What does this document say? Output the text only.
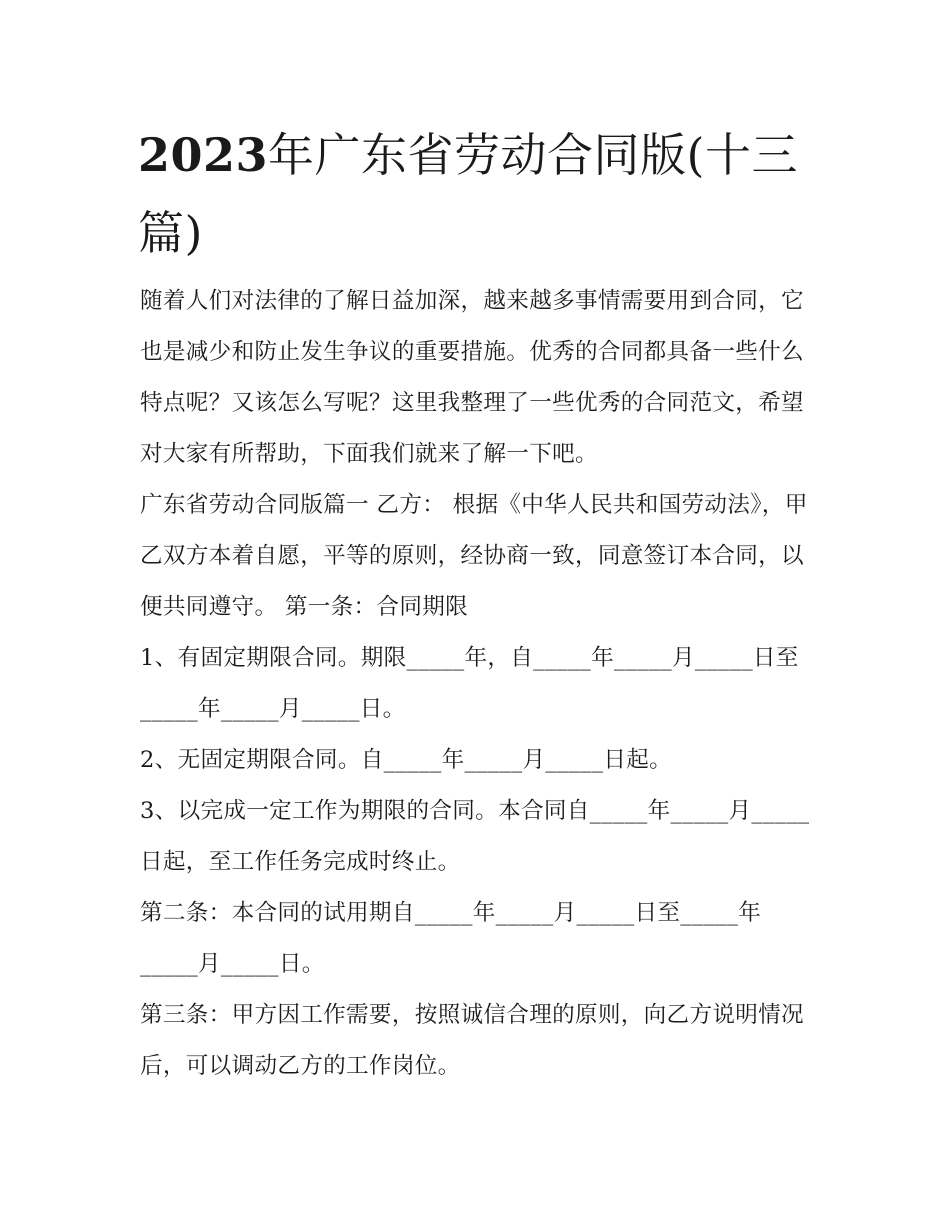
2023年广东省劳动合同版(十三篇)

随着人们对法律的了解日益加深，越来越多事情需要用到合同，它也是减少和防止发生争议的重要措施。优秀的合同都具备一些什么特点呢？又该怎么写呢？这里我整理了一些优秀的合同范文，希望对大家有所帮助，下面我们就来了解一下吧。

广东省劳动合同版篇一 乙方： 根据《中华人民共和国劳动法》，甲乙双方本着自愿，平等的原则，经协商一致，同意签订本合同，以便共同遵守。 第一条：合同期限

1、有固定期限合同。期限_____年，自_____年_____月_____日至_____年_____月_____日。

2、无固定期限合同。自_____年_____月_____日起。

3、以完成一定工作为期限的合同。本合同自_____年_____月_____日起，至工作任务完成时终止。

第二条：本合同的试用期自_____年_____月_____日至_____年_____月_____日。

第三条：甲方因工作需要，按照诚信合理的原则，向乙方说明情况后，可以调动乙方的工作岗位。
